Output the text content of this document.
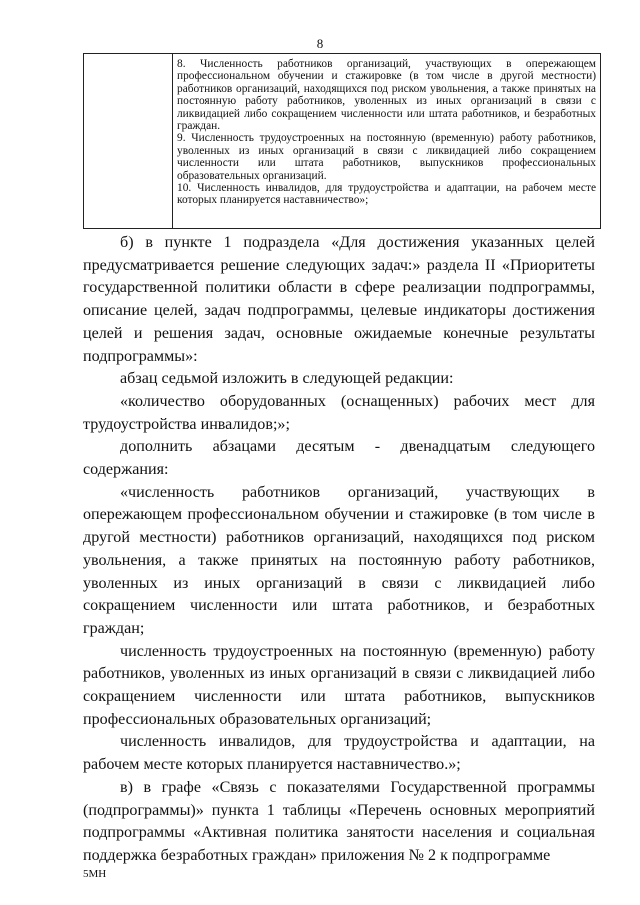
8

8. Численность работников организаций, участвующих в опережающем профессиональном обучении и стажировке (в том числе в другой местности) работников организаций, находящихся под риском увольнения, а также принятых на постоянную работу работников, уволенных из иных организаций в связи с ликвидацией либо сокращением численности или штата работников, и безработных граждан.

9. Численность трудоустроенных на постоянную (временную) работу работников, уволенных из иных организаций в связи с ликвидацией либо сокращением численности или штата работников, выпускников профессиональных образовательных организаций.

10. Численность инвалидов, для трудоустройства и адаптации, на рабочем месте которых планируется наставничество»;

б) в пункте 1 подраздела «Для достижения указанных целей предусматривается решение следующих задач:» раздела II «Приоритеты государственной политики области в сфере реализации подпрограммы, описание целей, задач подпрограммы, целевые индикаторы достижения целей и решения задач, основные ожидаемые конечные результаты подпрограммы»:

абзац седьмой изложить в следующей редакции:

«количество оборудованных (оснащенных) рабочих мест для трудоустройства инвалидов;»;

дополнить абзацами десятым - двенадцатым следующего содержания:

«численность работников организаций, участвующих в опережающем профессиональном обучении и стажировке (в том числе в другой местности) работников организаций, находящихся под риском увольнения, а также принятых на постоянную работу работников, уволенных из иных организаций в связи с ликвидацией либо сокращением численности или штата работников, и безработных граждан;

численность трудоустроенных на постоянную (временную) работу работников, уволенных из иных организаций в связи с ликвидацией либо сокращением численности или штата работников, выпускников профессиональных образовательных организаций;

численность инвалидов, для трудоустройства и адаптации, на рабочем месте которых планируется наставничество.»;

в) в графе «Связь с показателями Государственной программы (подпрограммы)» пункта 1 таблицы «Перечень основных мероприятий подпрограммы «Активная политика занятости населения и социальная поддержка безработных граждан» приложения № 2 к подпрограмме

5МН
